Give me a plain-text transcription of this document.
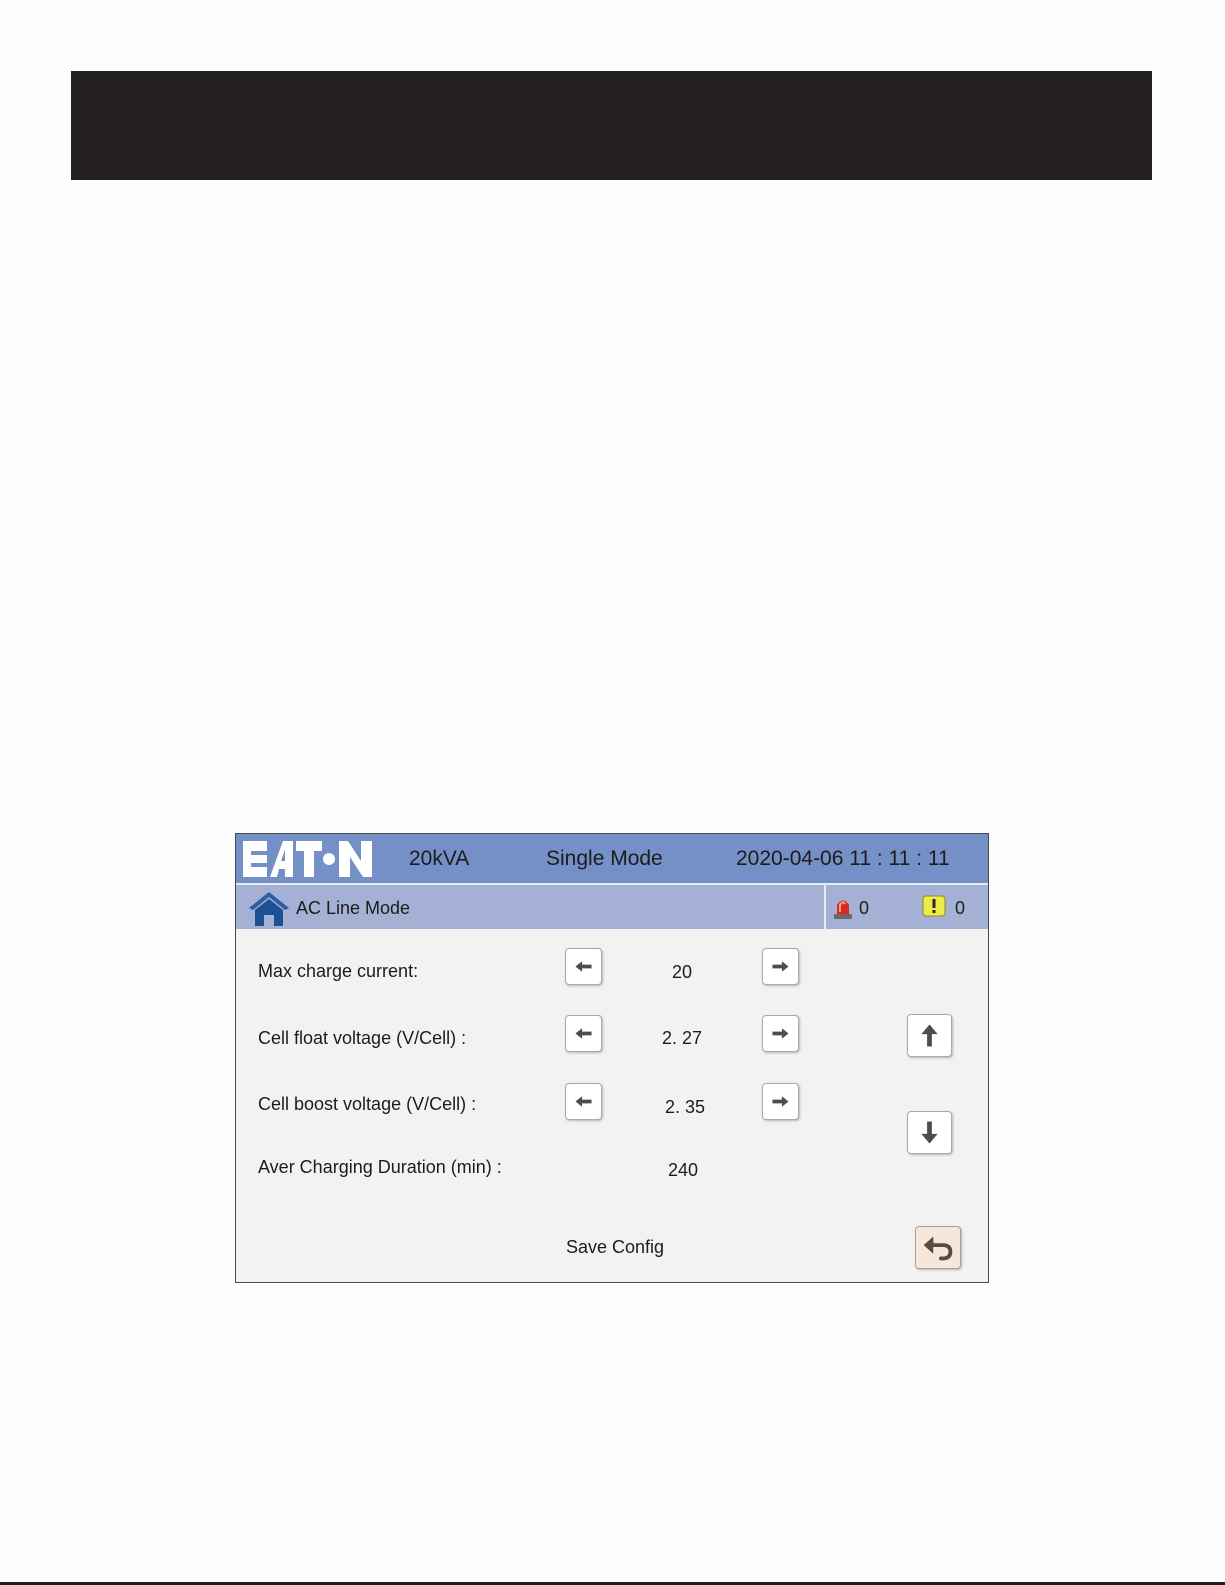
20kVA	Single Mode	2020-04-06 11 : 11 : 11
AC Line Mode	0	0
Max charge current:	20
Cell float voltage (V/Cell) :	2. 27
Cell boost voltage (V/Cell) :	2. 35
Aver Charging Duration (min) :	240
Save Config
